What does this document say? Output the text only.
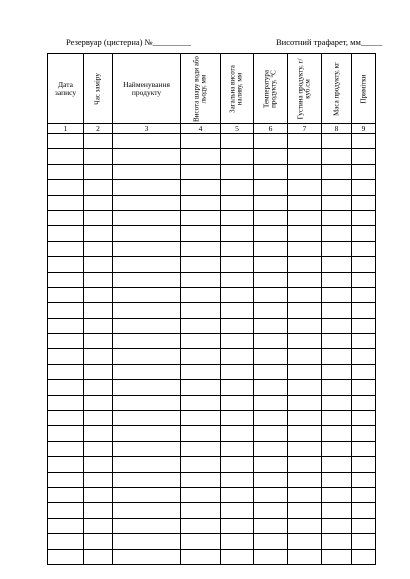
Резервуар (цистерна) №_________	Висотний трафарет, мм_____
Дата запису	Час заміру	Найменування продукту	Висота шару води або льоду, мм	Загальна висота наливу, мм	Температура продукту, °С	Густина продукту, г/куб.см	Маса продукту, кг	Примітки

1	2	3	4	5	6	7	8	9
